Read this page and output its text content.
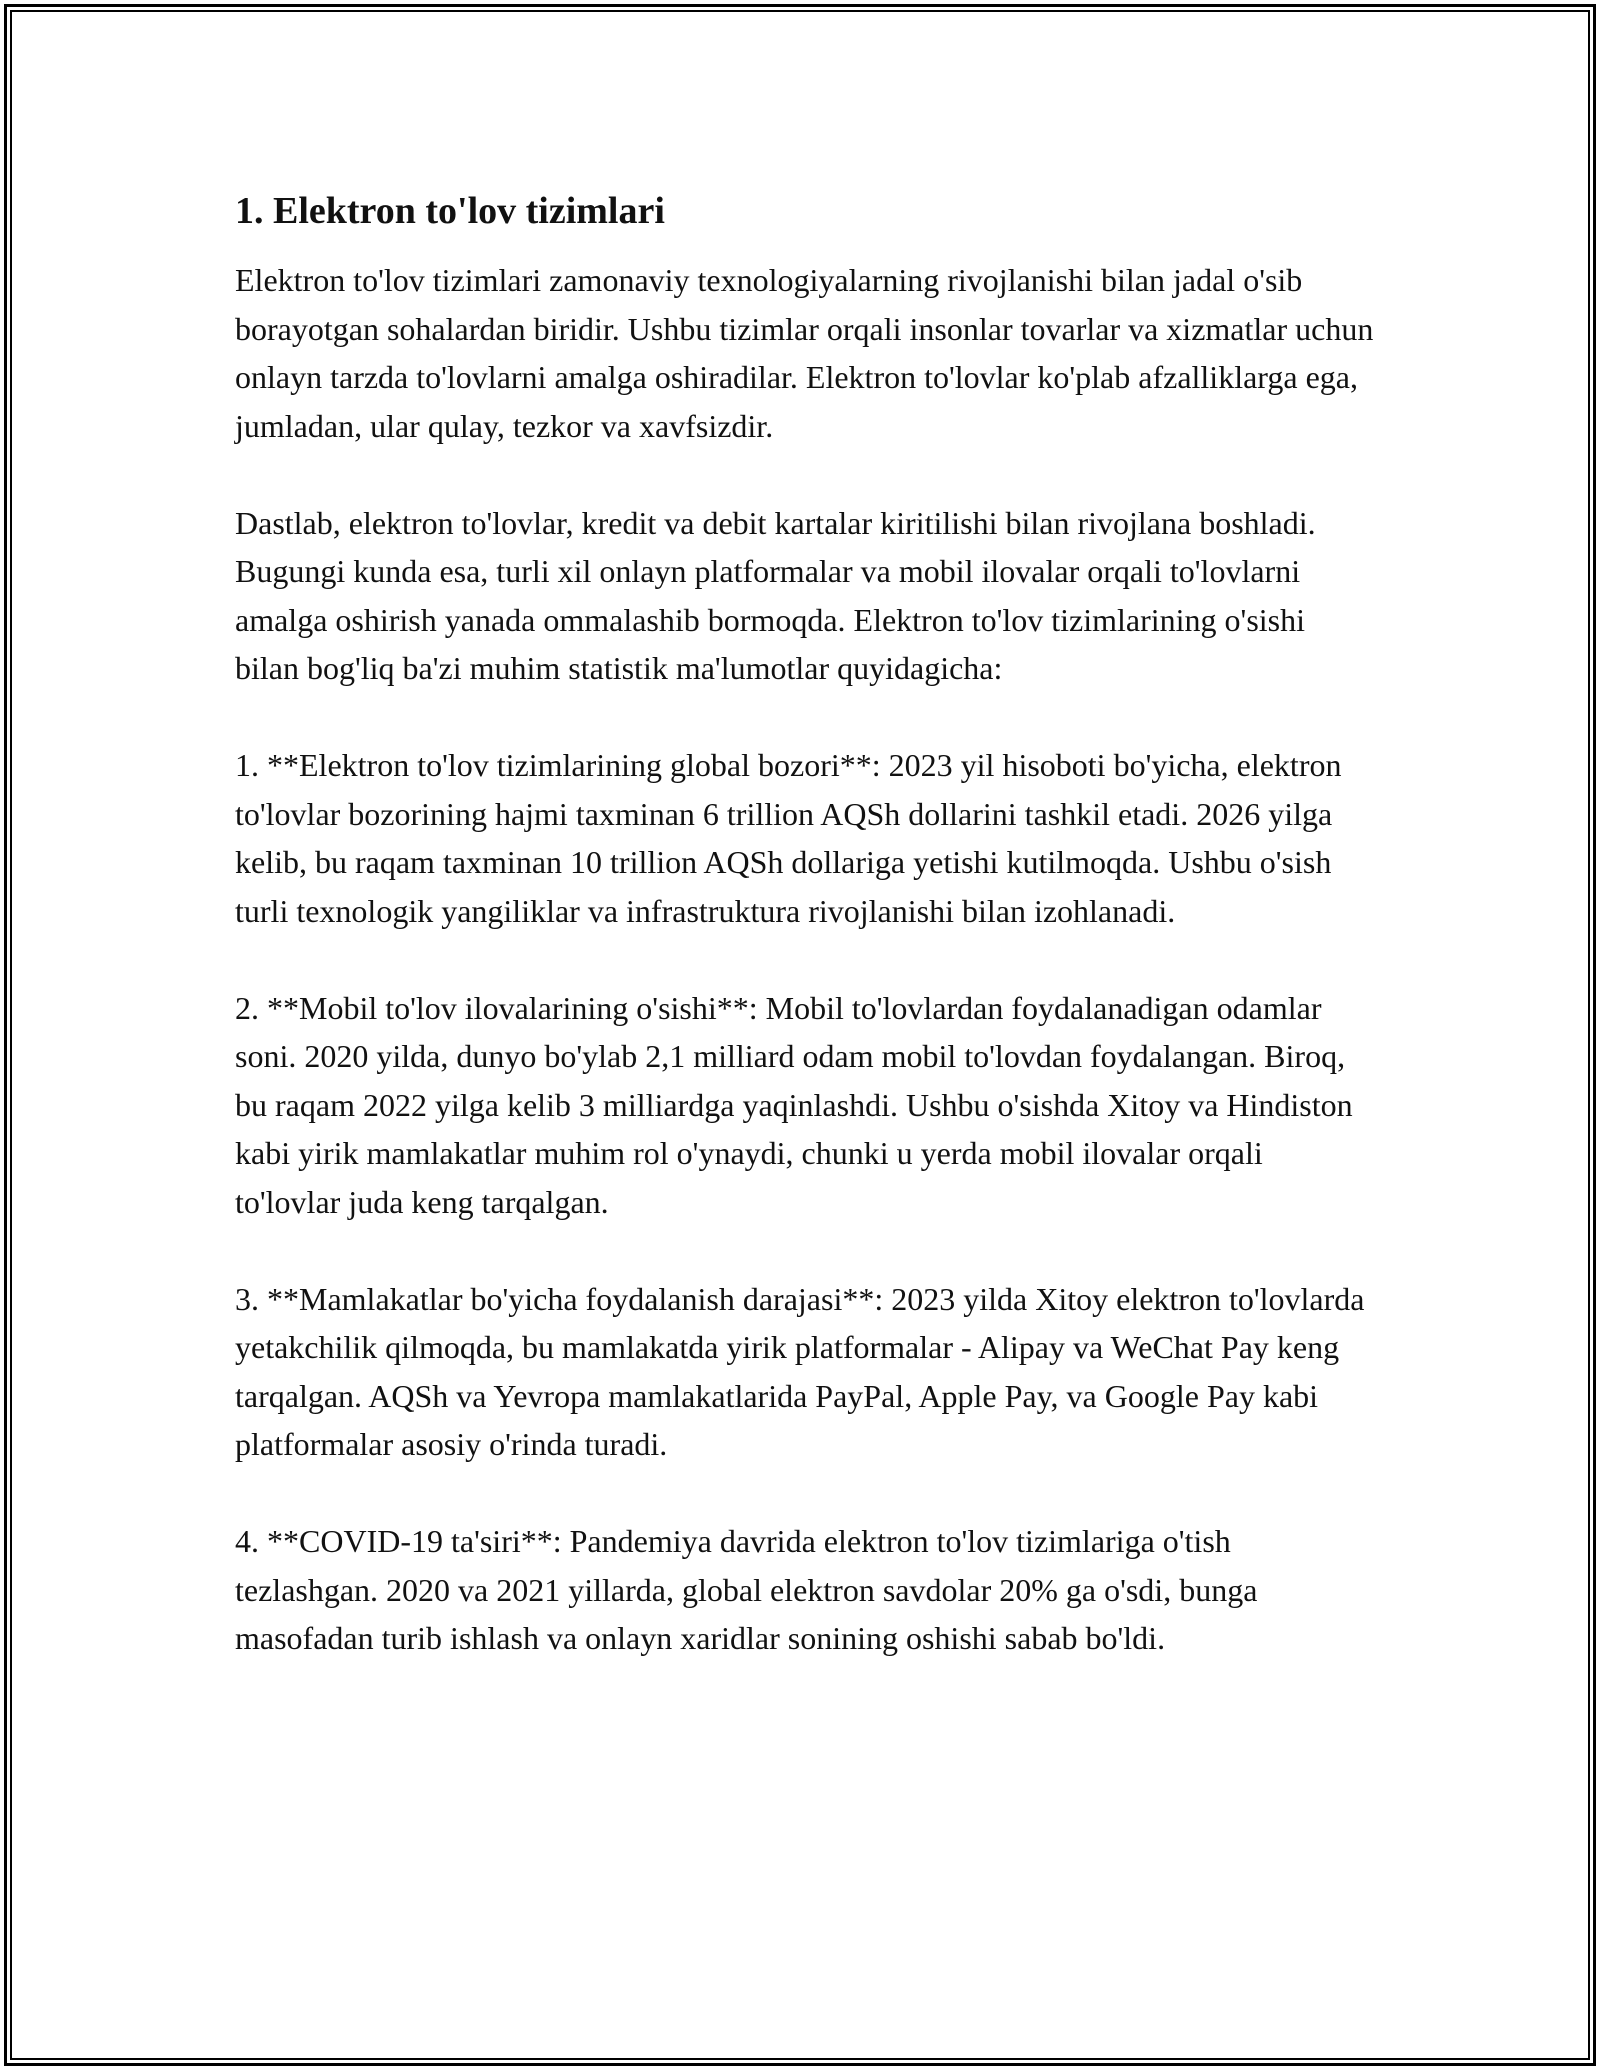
1. Elektron to'lov tizimlari

Elektron to'lov tizimlari zamonaviy texnologiyalarning rivojlanishi bilan jadal o'sib borayotgan sohalardan biridir. Ushbu tizimlar orqali insonlar tovarlar va xizmatlar uchun onlayn tarzda to'lovlarni amalga oshiradilar. Elektron to'lovlar ko'plab afzalliklarga ega, jumladan, ular qulay, tezkor va xavfsizdir.

Dastlab, elektron to'lovlar, kredit va debit kartalar kiritilishi bilan rivojlana boshladi. Bugungi kunda esa, turli xil onlayn platformalar va mobil ilovalar orqali to'lovlarni amalga oshirish yanada ommalashib bormoqda. Elektron to'lov tizimlarining o'sishi bilan bog'liq ba'zi muhim statistik ma'lumotlar quyidagicha:

1. **Elektron to'lov tizimlarining global bozori**: 2023 yil hisoboti bo'yicha, elektron to'lovlar bozorining hajmi taxminan 6 trillion AQSh dollarini tashkil etadi. 2026 yilga kelib, bu raqam taxminan 10 trillion AQSh dollariga yetishi kutilmoqda. Ushbu o'sish turli texnologik yangiliklar va infrastruktura rivojlanishi bilan izohlanadi.

2. **Mobil to'lov ilovalarining o'sishi**: Mobil to'lovlardan foydalanadigan odamlar soni. 2020 yilda, dunyo bo'ylab 2,1 milliard odam mobil to'lovdan foydalangan. Biroq, bu raqam 2022 yilga kelib 3 milliardga yaqinlashdi. Ushbu o'sishda Xitoy va Hindiston kabi yirik mamlakatlar muhim rol o'ynaydi, chunki u yerda mobil ilovalar orqali to'lovlar juda keng tarqalgan.

3. **Mamlakatlar bo'yicha foydalanish darajasi**: 2023 yilda Xitoy elektron to'lovlarda yetakchilik qilmoqda, bu mamlakatda yirik platformalar - Alipay va WeChat Pay keng tarqalgan. AQSh va Yevropa mamlakatlarida PayPal, Apple Pay, va Google Pay kabi platformalar asosiy o'rinda turadi.

4. **COVID-19 ta'siri**: Pandemiya davrida elektron to'lov tizimlariga o'tish tezlashgan. 2020 va 2021 yillarda, global elektron savdolar 20% ga o'sdi, bunga masofadan turib ishlash va onlayn xaridlar sonining oshishi sabab bo'ldi.
